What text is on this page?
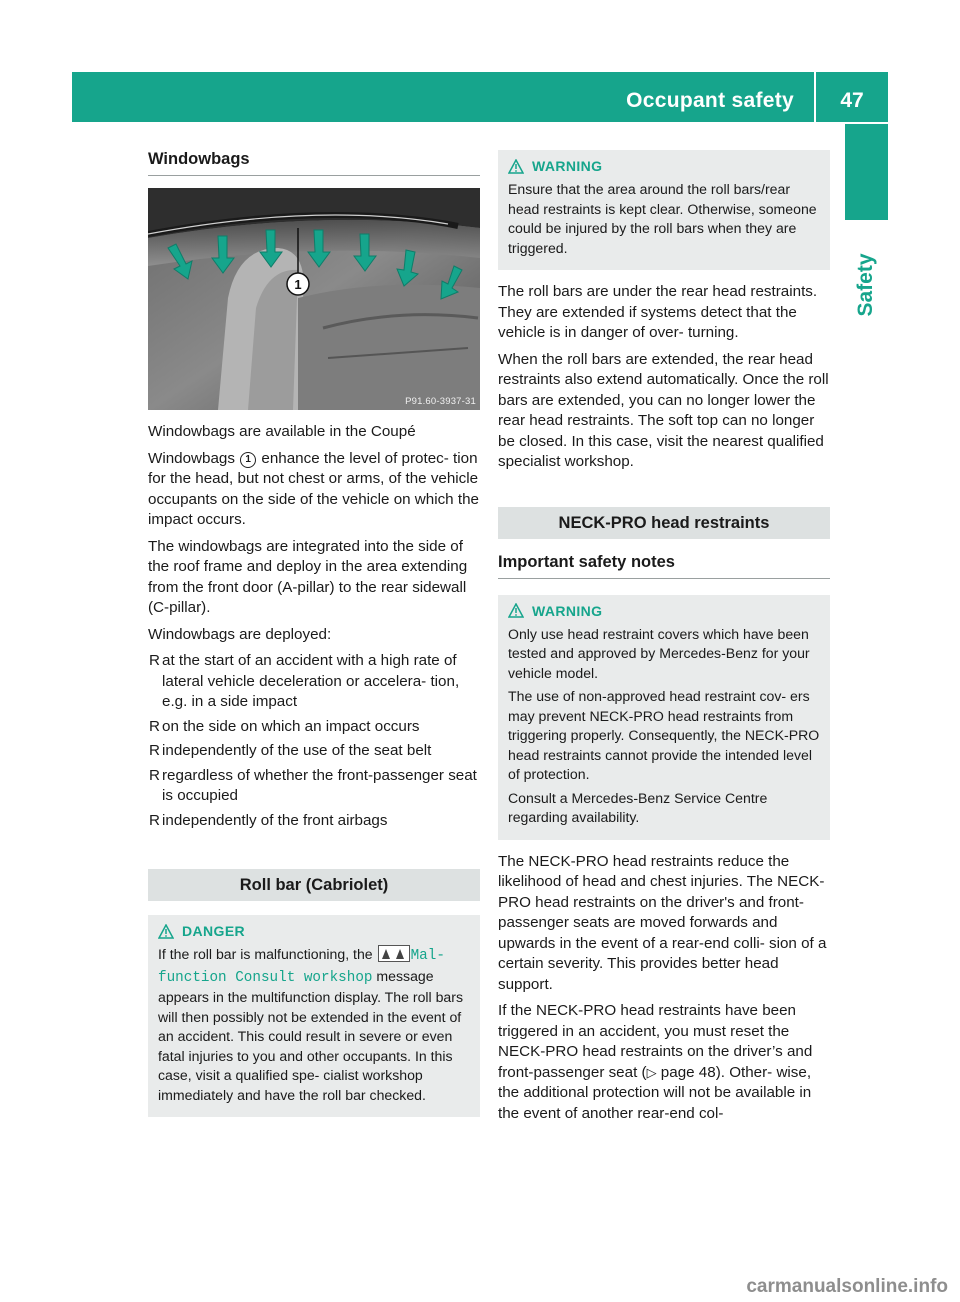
Occupant safety	47
Safety
Windowbags
1
P91.60-3937-31

Windowbags are available in the Coupé

Windowbags 1 enhance the level of protec- tion for the head, but not chest or arms, of the vehicle occupants on the side of the vehicle on which the impact occurs.

The windowbags are integrated into the side of the roof frame and deploy in the area extending from the front door (A-pillar) to the rear sidewall (C-pillar).

Windowbags are deployed:

R at the start of an accident with a high rate of lateral vehicle deceleration or accelera- tion, e.g. in a side impact
R on the side on which an impact occurs
R independently of the use of the seat belt
R regardless of whether the front-passenger seat is occupied
R independently of the front airbags
Roll bar (Cabriolet)
DANGER

If the roll bar is malfunctioning, the Mal‐ function Consult workshop message appears in the multifunction display. The roll bars will then possibly not be extended in the event of an accident. This could result in severe or even fatal injuries to you and other occupants. In this case, visit a qualified spe- cialist workshop immediately and have the roll bar checked.

WARNING

Ensure that the area around the roll bars/rear head restraints is kept clear. Otherwise, someone could be injured by the roll bars when they are triggered.

The roll bars are under the rear head restraints. They are extended if systems detect that the vehicle is in danger of over- turning.

When the roll bars are extended, the rear head restraints also extend automatically. Once the roll bars are extended, you can no longer lower the rear head restraints. The soft top can no longer be closed. In this case, visit the nearest qualified specialist workshop.

NECK-PRO head restraints
Important safety notes
WARNING

Only use head restraint covers which have been tested and approved by Mercedes-Benz for your vehicle model.

The use of non-approved head restraint cov- ers may prevent NECK-PRO head restraints from triggering properly. Consequently, the NECK-PRO head restraints cannot provide the intended level of protection.

Consult a Mercedes-Benz Service Centre regarding availability.

The NECK-PRO head restraints reduce the likelihood of head and chest injuries. The NECK-PRO head restraints on the driver's and front-passenger seats are moved forwards and upwards in the event of a rear-end colli- sion of a certain severity. This provides better head support.

If the NECK-PRO head restraints have been triggered in an accident, you must reset the NECK-PRO head restraints on the driver’s and front-passenger seat (▷ page 48). Other- wise, the additional protection will not be available in the event of another rear-end col-

carmanualsonline.info
